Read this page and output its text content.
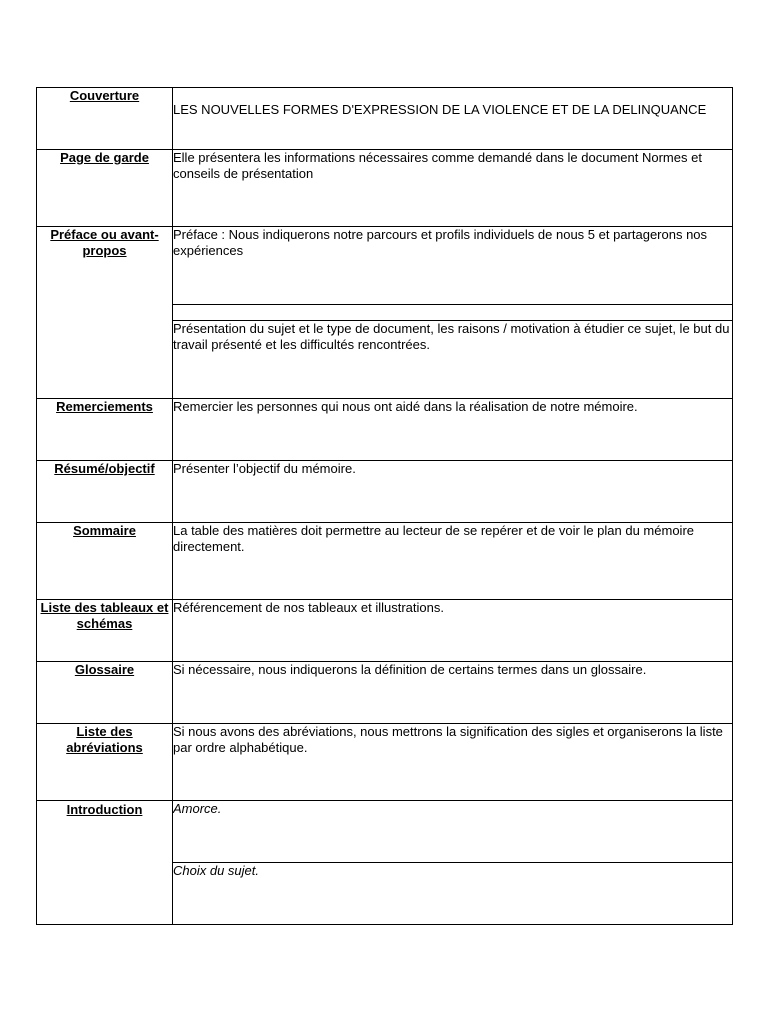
Couverture	LES NOUVELLES FORMES D'EXPRESSION DE LA VIOLENCE ET DE LA DELINQUANCE
Page de garde	Elle présentera les informations nécessaires comme demandé dans le document Normes et conseils de présentation
Préface ou avant-propos	Préface : Nous indiquerons notre parcours et profils individuels de nous 5 et partagerons nos expériences

	Présentation du sujet et le type de document, les raisons / motivation à étudier ce sujet, le but du travail présenté et les difficultés rencontrées.
Remerciements	Remercier les personnes qui nous ont aidé dans la réalisation de notre mémoire.
Résumé/objectif	Présenter l’objectif du mémoire.
Sommaire	La table des matières doit permettre au lecteur de se repérer et de voir le plan du mémoire directement.
Liste des tableaux et schémas	Référencement de nos tableaux et illustrations.
Glossaire	Si nécessaire, nous indiquerons la définition de certains termes dans un glossaire.
Liste des abréviations	Si nous avons des abréviations, nous mettrons la signification des sigles et organiserons la liste par ordre alphabétique.
Introduction	Amorce.
	Choix du sujet.
